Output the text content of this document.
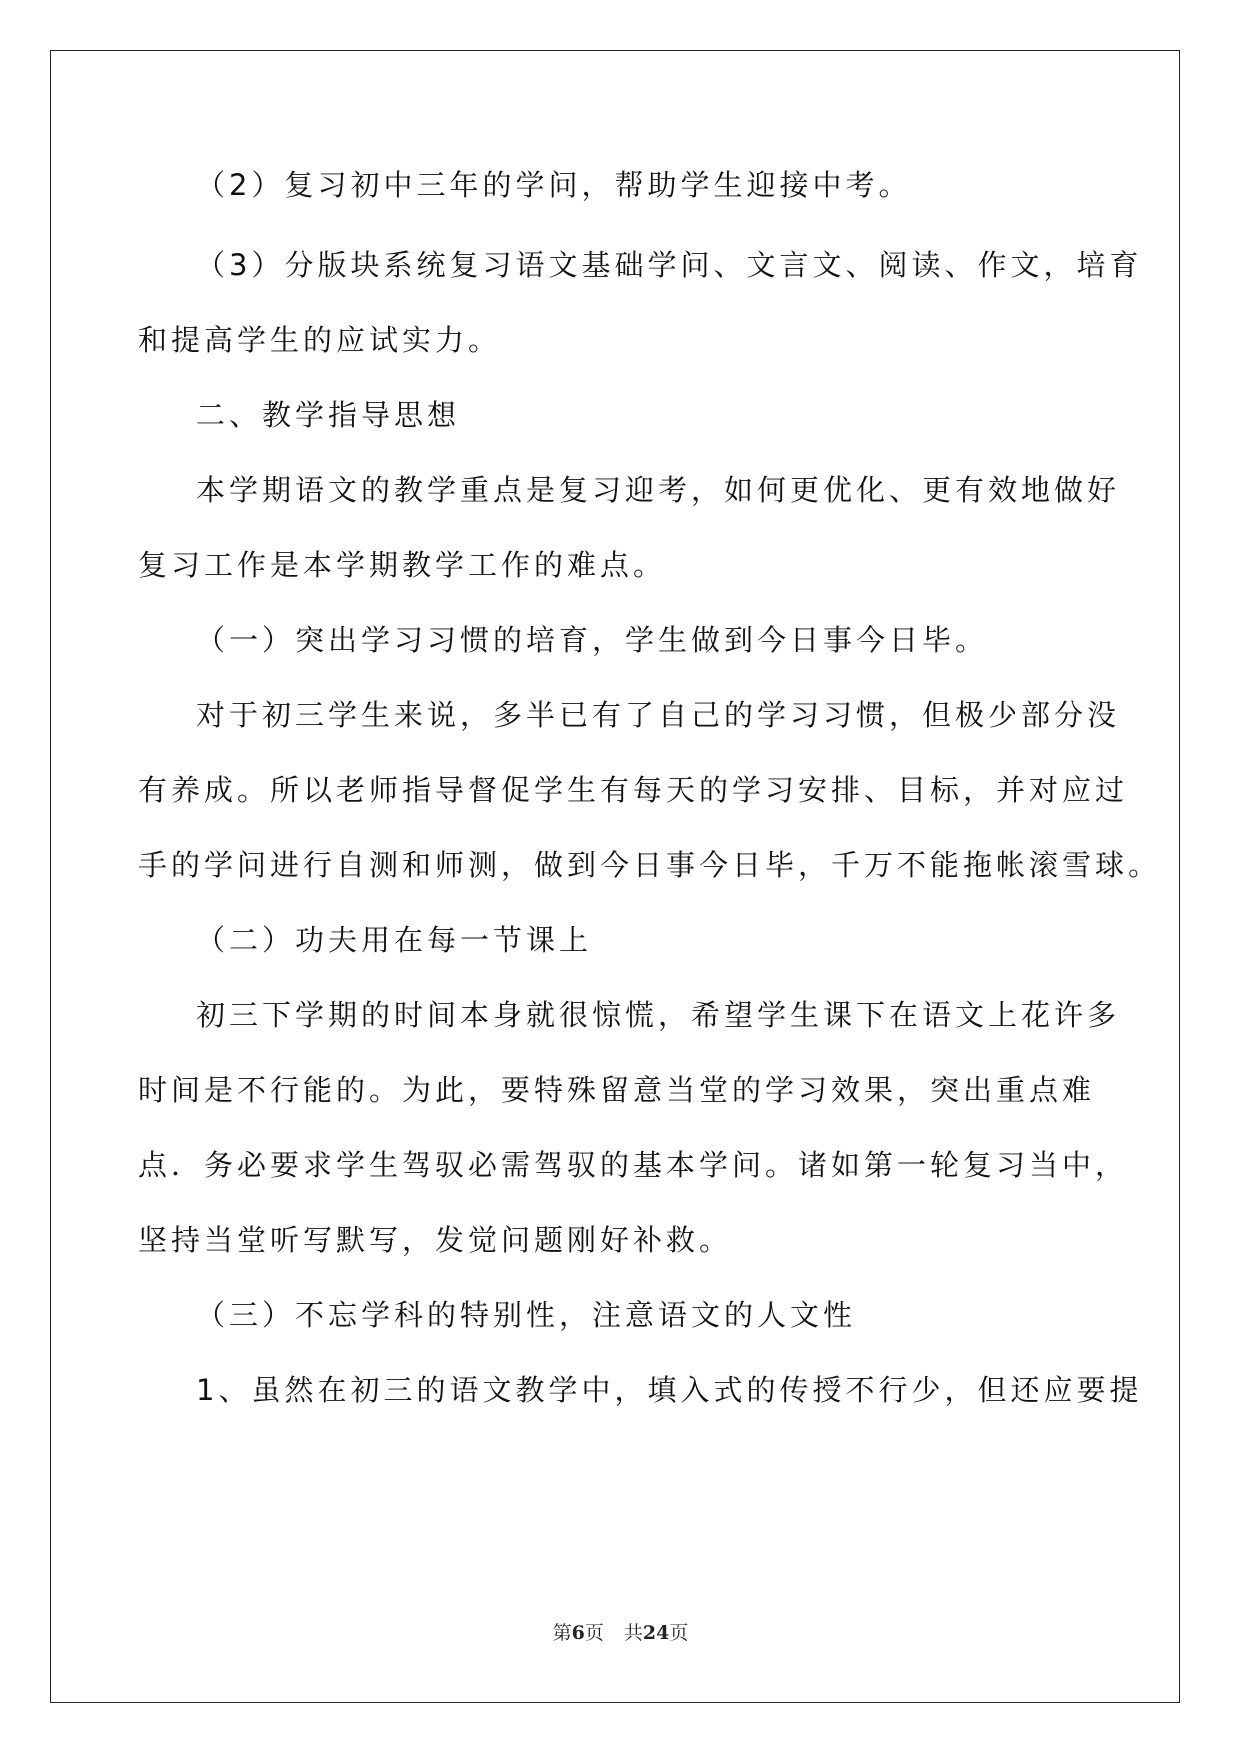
（2）复习初中三年的学问，帮助学生迎接中考。
（3）分版块系统复习语文基础学问、文言文、阅读、作文，培育
和提高学生的应试实力。
二、教学指导思想
本学期语文的教学重点是复习迎考，如何更优化、更有效地做好
复习工作是本学期教学工作的难点。
（一）突出学习习惯的培育，学生做到今日事今日毕。
对于初三学生来说，多半已有了自己的学习习惯，但极少部分没
有养成。所以老师指导督促学生有每天的学习安排、目标，并对应过
手的学问进行自测和师测，做到今日事今日毕，千万不能拖帐滚雪球。
（二）功夫用在每一节课上
初三下学期的时间本身就很惊慌，希望学生课下在语文上花许多
时间是不行能的。为此，要特殊留意当堂的学习效果，突出重点难
点．务必要求学生驾驭必需驾驭的基本学问。诸如第一轮复习当中，
坚持当堂听写默写，发觉问题刚好补救。
（三）不忘学科的特别性，注意语文的人文性
1、虽然在初三的语文教学中，填入式的传授不行少，但还应要提
第6页 共24页
